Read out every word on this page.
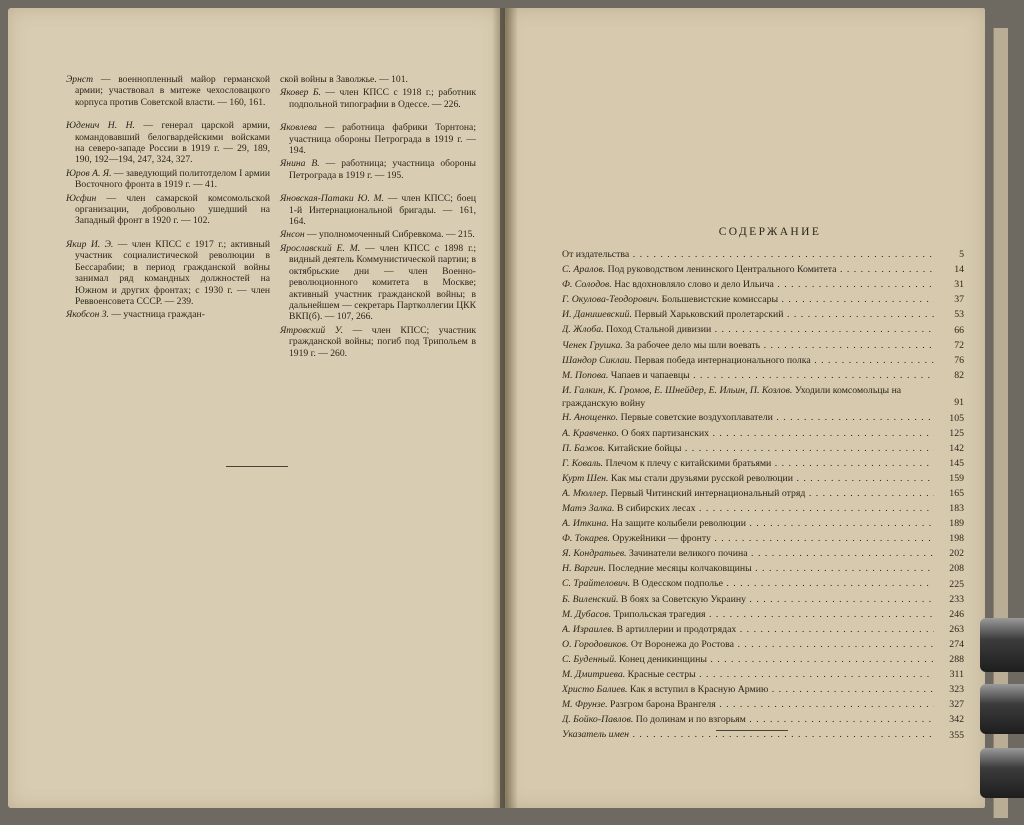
Эрнст — военнопленный майор германской армии; участвовал в митеже чехословацкого корпуса против Советской власти. — 160, 161.

Юденич Н. Н. — генерал царской армии, командовавший белогвардейскими войсками на северо-западе России в 1919 г. — 29, 189, 190, 192—194, 247, 324, 327.

Юров А. Я. — заведующий политотделом I армии Восточного фронта в 1919 г. — 41.

Юсфин — член самарской комсомольской организации, добровольно ушедший на Западный фронт в 1920 г. — 102.

Якир И. Э. — член КПСС с 1917 г.; активный участник социалистической революции в Бессарабии; в период гражданской войны занимал ряд командных должностей на Южном и других фронтах; с 1930 г. — член Реввоенсовета СССР. — 239.

Якобсон З. — участница граждан-

ской войны в Заволжье. — 101.

Яковер Б. — член КПСС с 1918 г.; работник подпольной типографии в Одессе. — 226.

Яковлева — работница фабрики Торнтона; участница обороны Петрограда в 1919 г. — 194.

Янина В. — работница; участница обороны Петрограда в 1919 г. — 195.

Яновская-Патаки Ю. М. — член КПСС; боец 1-й Интернациональной бригады. — 161, 164.

Янсон — уполномоченный Сибревкома. — 215.

Ярославский Е. М. — член КПСС с 1898 г.; видный деятель Коммунистической партии; в октябрьские дни — член Военно-революционного комитета в Москве; активный участник гражданской войны; в дальнейшем — секретарь Партколлегии ЦКК ВКП(б). — 107, 266.

Ятровский У. — член КПСС; участник гражданской войны; погиб под Трипольем в 1919 г. — 260.

СОДЕРЖАНИЕ
От издательства . . .	5
С. Аралов. Под руководством ленинского Центрального Комитета . . .	14
Ф. Солодов. Нас вдохновляло слово и дело Ильича . . .	31
Г. Окулова-Теодорович. Большевистские комиссары . . .	37
И. Данишевский. Первый Харьковский пролетарский . . .	53
Д. Жлоба. Поход Стальной дивизии . . .	66
Ченек Грушка. За рабочее дело мы шли воевать . . .	72
Шандор Сиклаи. Первая победа интернационального полка . . .	76
М. Попова. Чапаев и чапаевцы . . .	82
И. Галкин, К. Громов, Е. Шнейдер, Е. Ильин, П. Козлов. Уходили комсомольцы на гражданскую войну	91
Н. Анощенко. Первые советские воздухоплаватели . . .	105
А. Кравченко. О боях партизанских . . .	125
П. Бажов. Китайские бойцы . . .	142
Г. Коваль. Плечом к плечу с китайскими братьями . . .	145
Курт Шен. Как мы стали друзьями русской революции . . .	159
А. Мюллер. Первый Читинский интернациональный отряд . . .	165
Матэ Залка. В сибирских лесах . . .	183
А. Иткина. На защите колыбели революции . . .	189
Ф. Токарев. Оружейники — фронту . . .	198
Я. Кондратьев. Зачинатели великого почина . . .	202
Н. Варгин. Последние месяцы колчаковщины . . .	208
С. Трайтелович. В Одесском подполье . . .	225
Б. Виленский. В боях за Советскую Украину . . .	233
М. Дубасов. Трипольская трагедия . . .	246
А. Израилев. В артиллерии и продотрядах . . .	263
О. Городовиков. От Воронежа до Ростова . . .	274
С. Буденный. Конец деникинщины . . .	288
М. Дмитриева. Красные сестры . . .	311
Христо Балиев. Как я вступил в Красную Армию . . .	323
М. Фрунзе. Разгром барона Врангеля . . .	327
Д. Бойко-Павлов. По долинам и по взгорьям . . .	342
Указатель имен . . .	355
